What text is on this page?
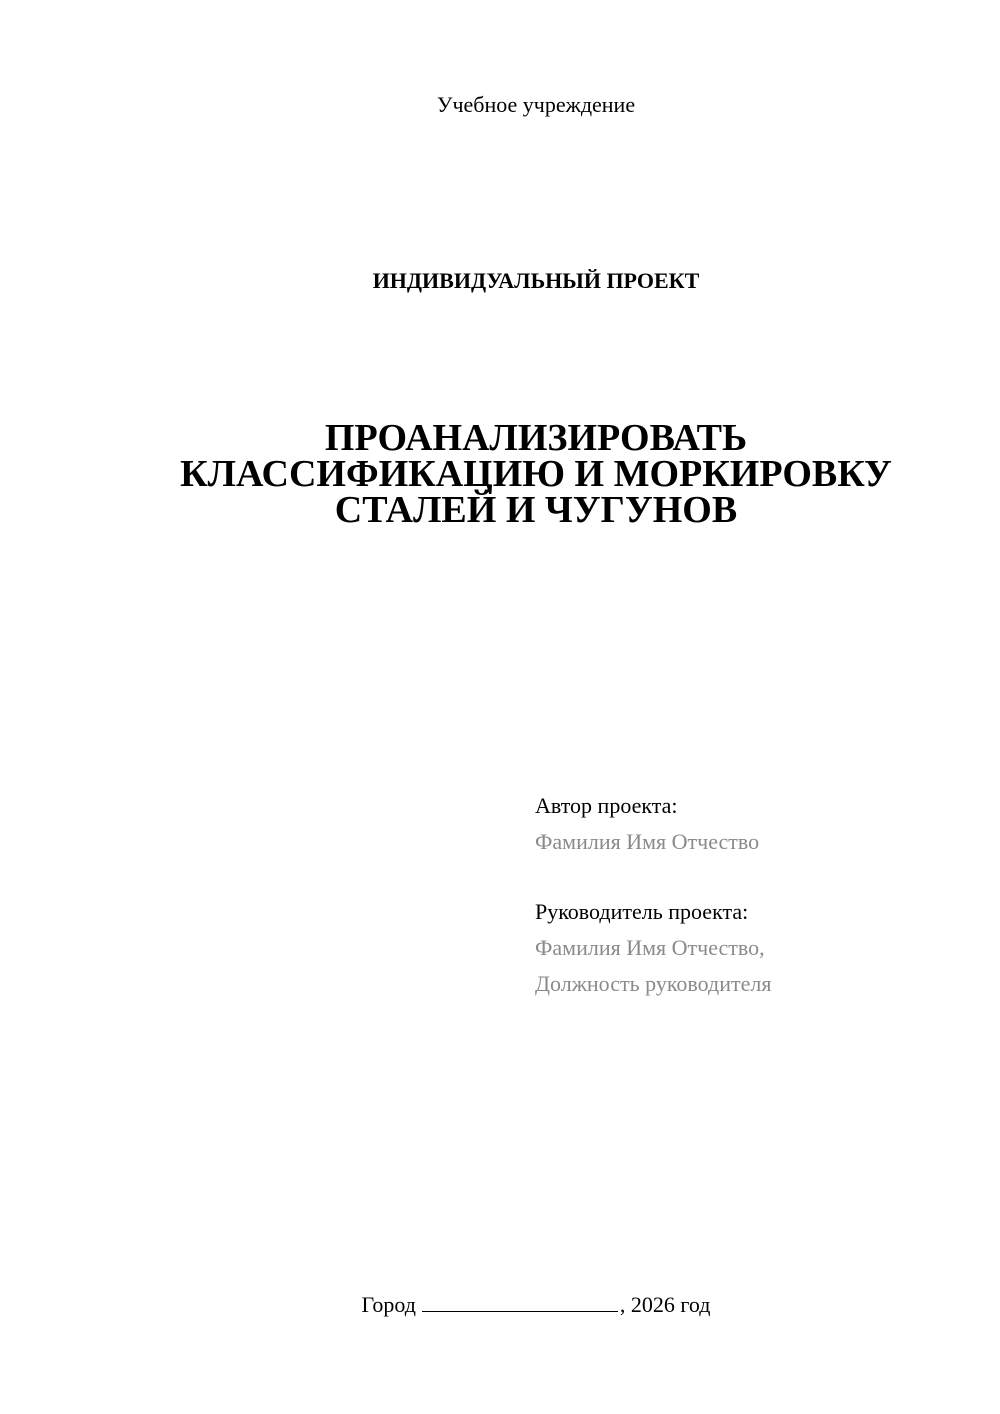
Учебное учреждение
ИНДИВИДУАЛЬНЫЙ ПРОЕКТ
ПРОАНАЛИЗИРОВАТЬ
КЛАССИФИКАЦИЮ И МОРКИРОВКУ
СТАЛЕЙ И ЧУГУНОВ
Автор проекта:
Фамилия Имя Отчество
Руководитель проекта:
Фамилия Имя Отчество,
Должность руководителя
Город	, 2026 год
